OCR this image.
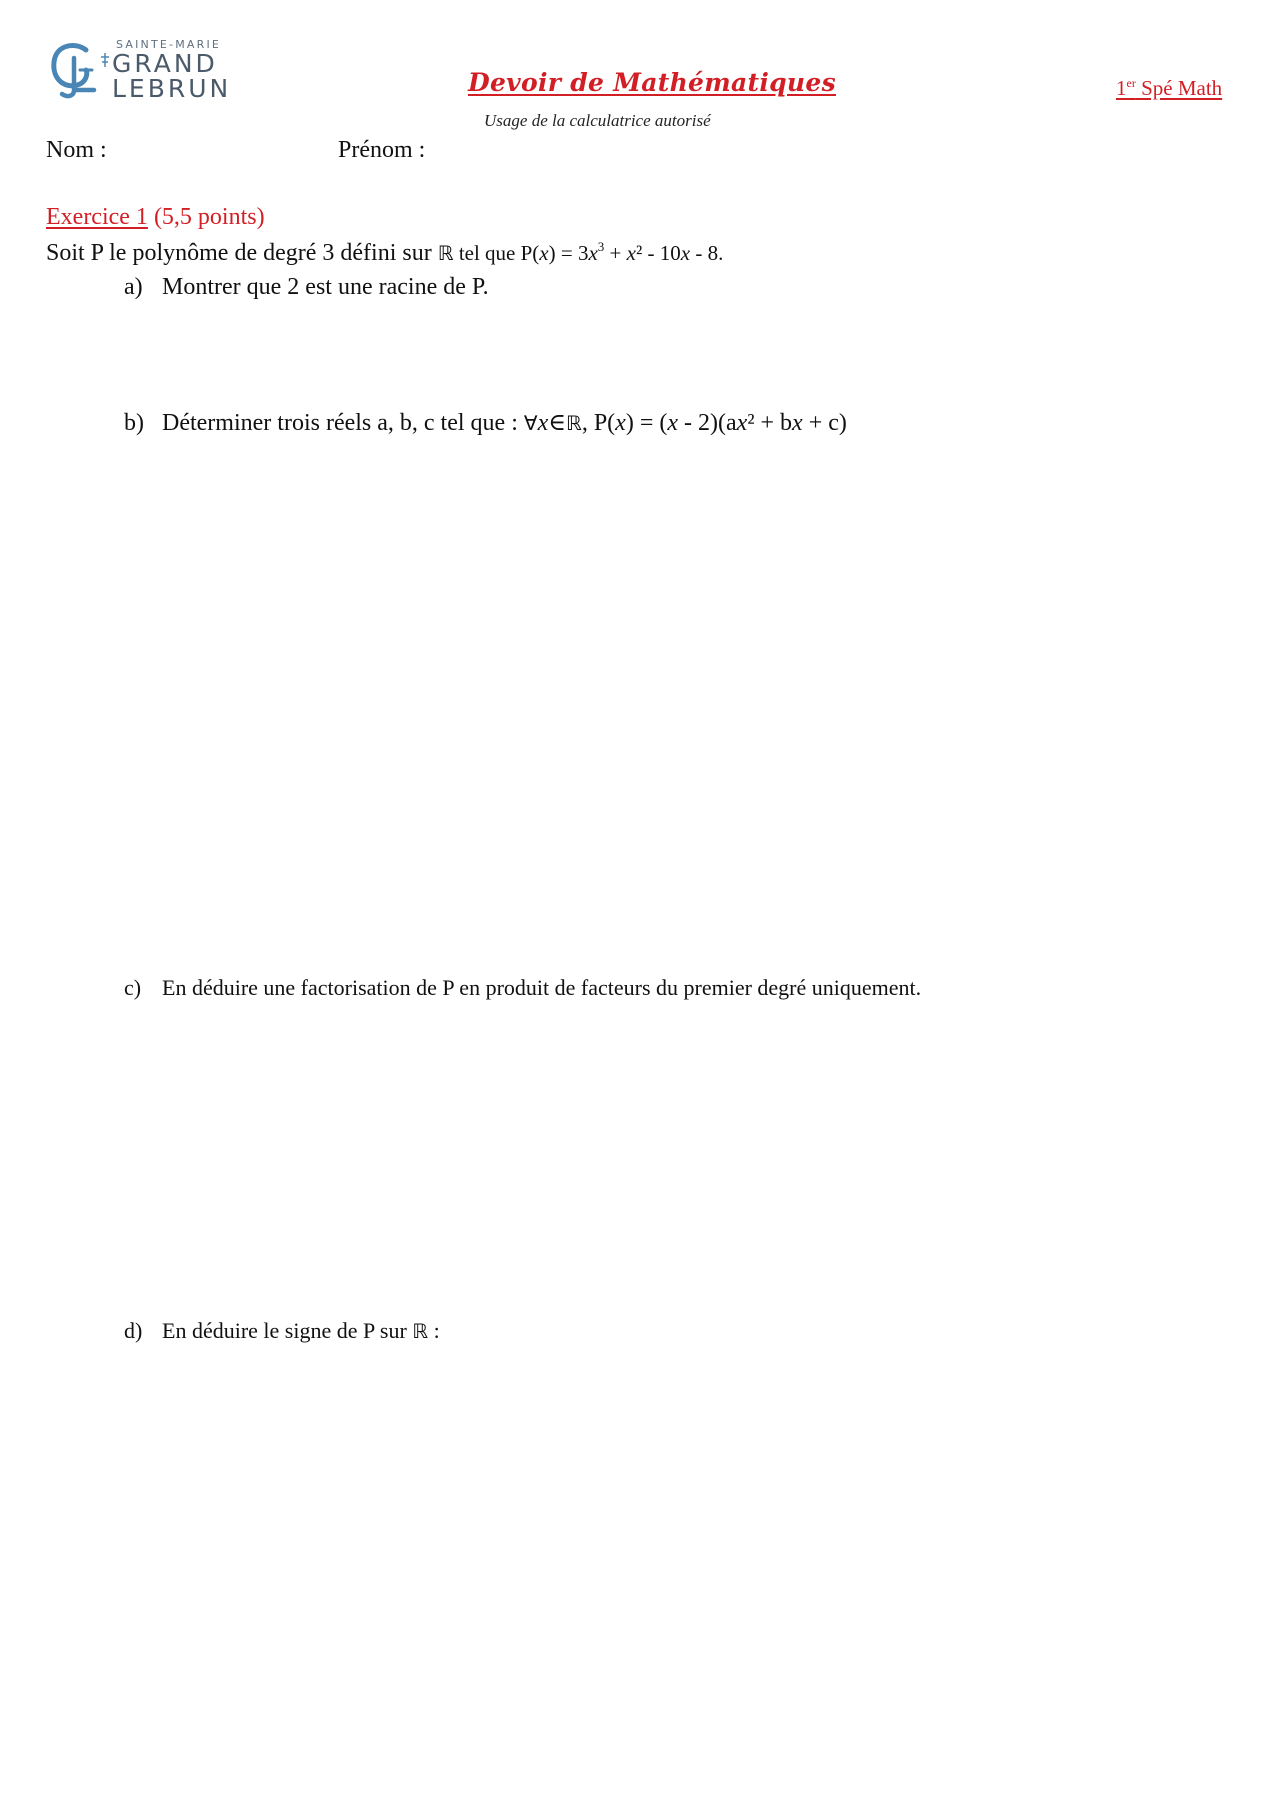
SAINTE-MARIE
GRAND
LEBRUN	Devoir de Mathématiques
Usage de la calculatrice autorisé
1er Spé Math
Nom :	Prénom :
Exercice 1 (5,5 points)
Soit P le polynôme de degré 3 défini sur ℝ tel que $P(x) = 3x^3 + x^2 - 10x - 8$.
a) Montrer que 2 est une racine de P.
b) Déterminer trois réels a, b, c tel que : ∀x∈ℝ, P(x) = (x - 2)(ax² + bx + c)
c) En déduire une factorisation de P en produit de facteurs du premier degré uniquement.
d) En déduire le signe de P sur ℝ :
